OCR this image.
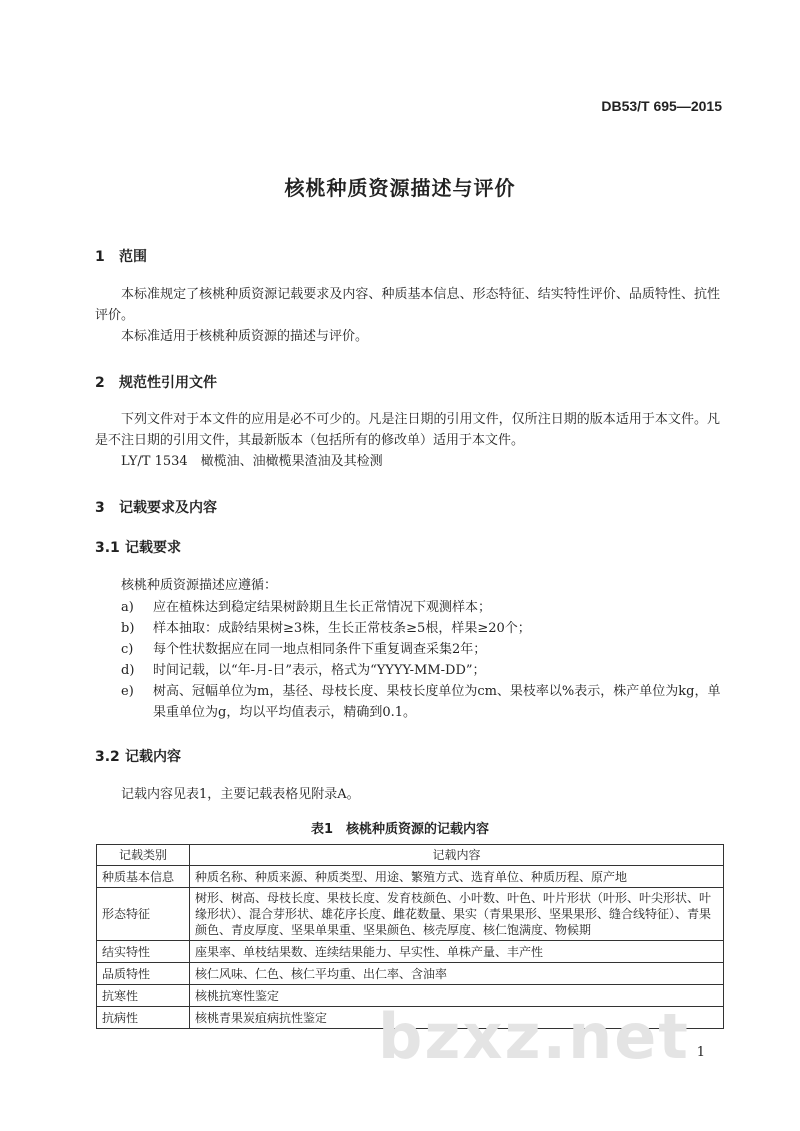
DB53/T 695—2015
核桃种质资源描述与评价
1 范围
本标准规定了核桃种质资源记载要求及内容、种质基本信息、形态特征、结实特性评价、品质特性、抗性评价。
本标准适用于核桃种质资源的描述与评价。
2 规范性引用文件
下列文件对于本文件的应用是必不可少的。凡是注日期的引用文件，仅所注日期的版本适用于本文件。凡是不注日期的引用文件，其最新版本（包括所有的修改单）适用于本文件。
LY/T 1534　橄榄油、油橄榄果渣油及其检测
3 记载要求及内容
3.1 记载要求
核桃种质资源描述应遵循：
a) 应在植株达到稳定结果树龄期且生长正常情况下观测样本；
b) 样本抽取：成龄结果树≥3株，生长正常枝条≥5根，样果≥20个；
c) 每个性状数据应在同一地点相同条件下重复调查采集2年；
d) 时间记载，以“年-月-日”表示，格式为“YYYY-MM-DD”；
e) 树高、冠幅单位为m，基径、母枝长度、果枝长度单位为cm、果枝率以%表示，株产单位为kg，单果重单位为g，均以平均值表示，精确到0.1。
3.2 记载内容
记载内容见表1，主要记载表格见附录A。
表1　核桃种质资源的记载内容
记载类别	记载内容
种质基本信息	种质名称、种质来源、种质类型、用途、繁殖方式、选育单位、种质历程、原产地
形态特征	树形、树高、母枝长度、果枝长度、发育枝颜色、小叶数、叶色、叶片形状（叶形、叶尖形状、叶缘形状）、混合芽形状、雄花序长度、雌花数量、果实（青果果形、坚果果形、缝合线特征）、青果颜色、青皮厚度、坚果单果重、坚果颜色、核壳厚度、核仁饱满度、物候期
结实特性	座果率、单枝结果数、连续结果能力、早实性、单株产量、丰产性
品质特性	核仁风味、仁色、核仁平均重、出仁率、含油率
抗寒性	核桃抗寒性鉴定
抗病性	核桃青果炭疽病抗性鉴定 bzxz.net 1
